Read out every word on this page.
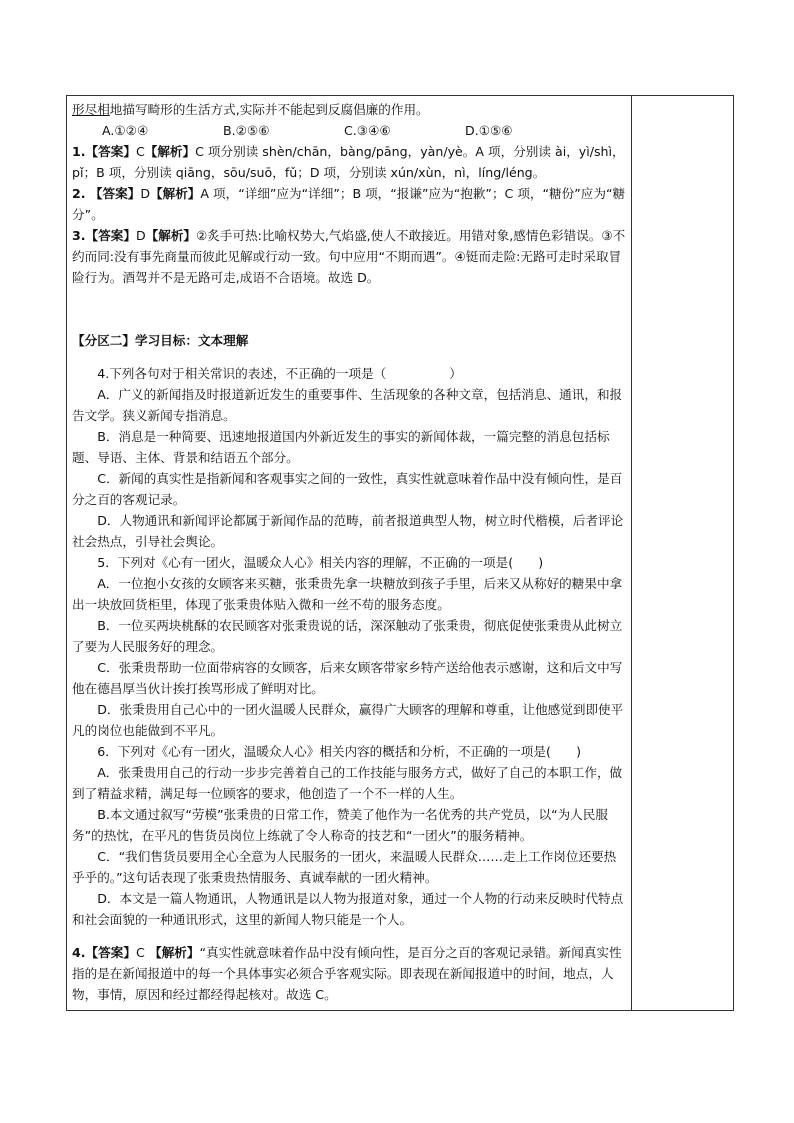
形尽相地描写畸形的生活方式,实际并不能起到反腐倡廉的作用。

A.①②④	B.②⑤⑥	C.③④⑥	D.①⑤⑥

1.【答案】C【解析】C 项分别读 shèn/chān，bàng/pāng，yàn/yè。A 项，分别读 ài，yì/shì，pǐ；B 项，分别读 qiāng，sōu/suō，fǔ；D 项，分别读 xún/xùn，nì，líng/léng。

2. 【答案】D【解析】A 项，“详细”应为“详细”；B 项，“报谦”应为“抱歉”；C 项，“糖份”应为“糖分”。

3.【答案】D【解析】②炙手可热:比喻权势大,气焰盛,使人不敢接近。用错对象,感情色彩错误。③不约而同:没有事先商量而彼此见解或行动一致。句中应用“不期而遇”。④铤而走险:无路可走时采取冒险行为。酒驾并不是无路可走,成语不合语境。故选 D。

【分区二】学习目标：文本理解

4.下列各句对于相关常识的表述，不正确的一项是（　　　　　）

A．广义的新闻指及时报道新近发生的重要事件、生活现象的各种文章，包括消息、通讯，和报告文学。狭义新闻专指消息。

B．消息是一种简要、迅速地报道国内外新近发生的事实的新闻体裁，一篇完整的消息包括标题、导语、主体、背景和结语五个部分。

C．新闻的真实性是指新闻和客观事实之间的一致性，真实性就意味着作品中没有倾向性，是百分之百的客观记录。

D．人物通讯和新闻评论都属于新闻作品的范畴，前者报道典型人物，树立时代楷模，后者评论社会热点，引导社会舆论。

5．下列对《心有一团火，温暖众人心》相关内容的理解，不正确的一项是(　　)

A．一位抱小女孩的女顾客来买糖，张秉贵先拿一块糖放到孩子手里，后来又从称好的糖果中拿出一块放回货柜里，体现了张秉贵体贴入微和一丝不苟的服务态度。

B．一位买两块桃酥的农民顾客对张秉贵说的话，深深触动了张秉贵，彻底促使张秉贵从此树立了要为人民服务好的理念。

C．张秉贵帮助一位面带病容的女顾客，后来女顾客带家乡特产送给他表示感谢，这和后文中写他在德昌厚当伙计挨打挨骂形成了鲜明对比。

D．张秉贵用自己心中的一团火温暖人民群众，赢得广大顾客的理解和尊重，让他感觉到即使平凡的岗位也能做到不平凡。

6．下列对《心有一团火，温暖众人心》相关内容的概括和分析，不正确的一项是(　　)

A．张秉贵用自己的行动一步步完善着自己的工作技能与服务方式，做好了自己的本职工作，做到了精益求精，满足每一位顾客的要求，他创造了一个不一样的人生。

B.本文通过叙写“劳模”张秉贵的日常工作，赞美了他作为一名优秀的共产党员，以“为人民服务”的热忱，在平凡的售货员岗位上练就了令人称奇的技艺和“一团火”的服务精神。

C．“我们售货员要用全心全意为人民服务的一团火，来温暖人民群众……走上工作岗位还要热乎乎的。”这句话表现了张秉贵热情服务、真诚奉献的一团火精神。

D．本文是一篇人物通讯，人物通讯是以人物为报道对象，通过一个人物的行动来反映时代特点和社会面貌的一种通讯形式，这里的新闻人物只能是一个人。

4.【答案】C 【解析】“真实性就意味着作品中没有倾向性，是百分之百的客观记录错。新闻真实性指的是在新闻报道中的每一个具体事实必须合乎客观实际。即表现在新闻报道中的时间，地点，人物，事情，原因和经过都经得起核对。故选 C。
